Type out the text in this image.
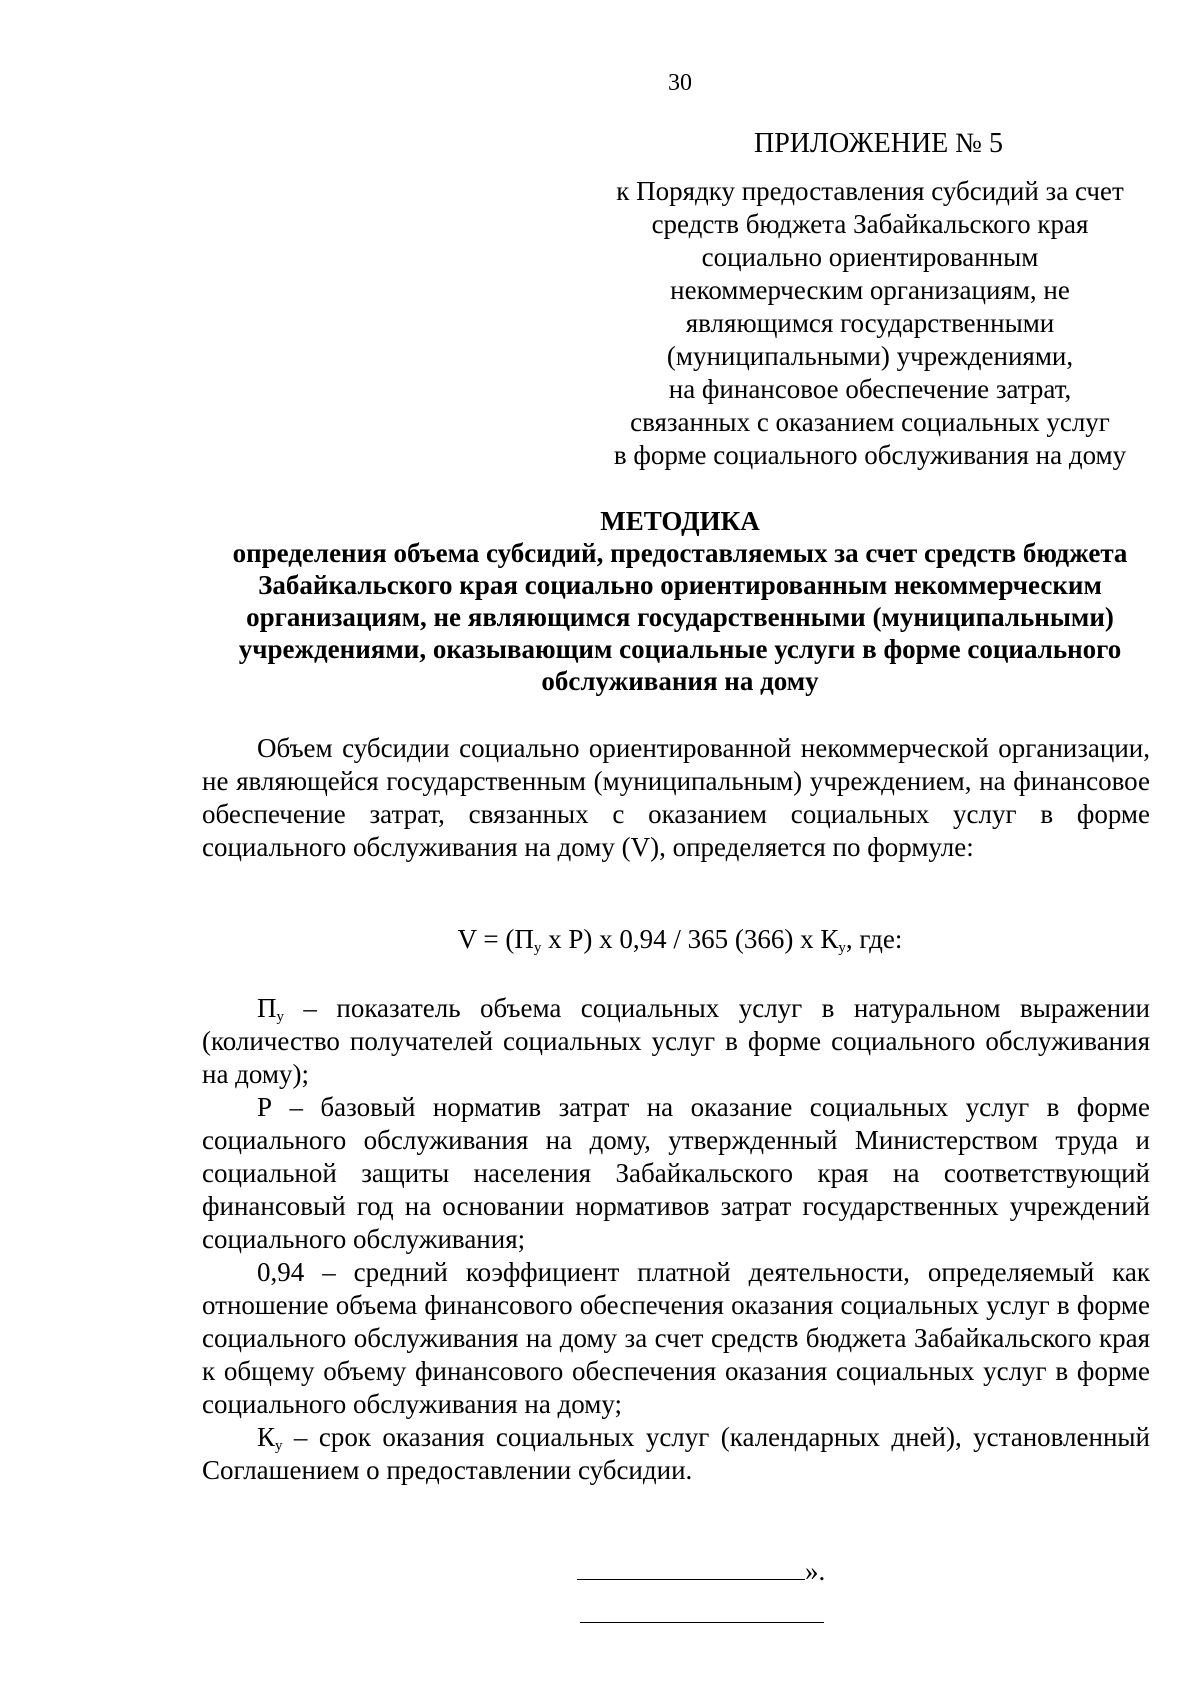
30
ПРИЛОЖЕНИЕ № 5
к Порядку предоставления субсидий за счет
средств бюджета Забайкальского края
социально ориентированным
некоммерческим организациям, не
являющимся государственными
(муниципальными) учреждениями,
на финансовое обеспечение затрат,
связанных с оказанием социальных услуг
в форме социального обслуживания на дому
МЕТОДИКА
определения объема субсидий, предоставляемых за счет средств бюджета
Забайкальского края социально ориентированным некоммерческим
организациям, не являющимся государственными (муниципальными)
учреждениями, оказывающим социальные услуги в форме социального
обслуживания на дому

Объем субсидии социально ориентированной некоммерческой организации, не являющейся государственным (муниципальным) учреждением, на финансовое обеспечение затрат, связанных с оказанием социальных услуг в форме социального обслуживания на дому (V), определяется по формуле:

$V = (П_у$ x P) x 0,94 / 365 (366) x $К_у$, где:

$П_у$ – показатель объема социальных услуг в натуральном выражении (количество получателей социальных услуг в форме социального обслуживания на дому);

Р – базовый норматив затрат на оказание социальных услуг в форме социального обслуживания на дому, утвержденный Министерством труда и социальной защиты населения Забайкальского края на соответствующий финансовый год на основании нормативов затрат государственных учреждений социального обслуживания;

0,94 – средний коэффициент платной деятельности, определяемый как отношение объема финансового обеспечения оказания социальных услуг в форме социального обслуживания на дому за счет средств бюджета Забайкальского края к общему объему финансового обеспечения оказания социальных услуг в форме социального обслуживания на дому;

$К_у$ – срок оказания социальных услуг (календарных дней), установленный Соглашением о предоставлении субсидии.

».
